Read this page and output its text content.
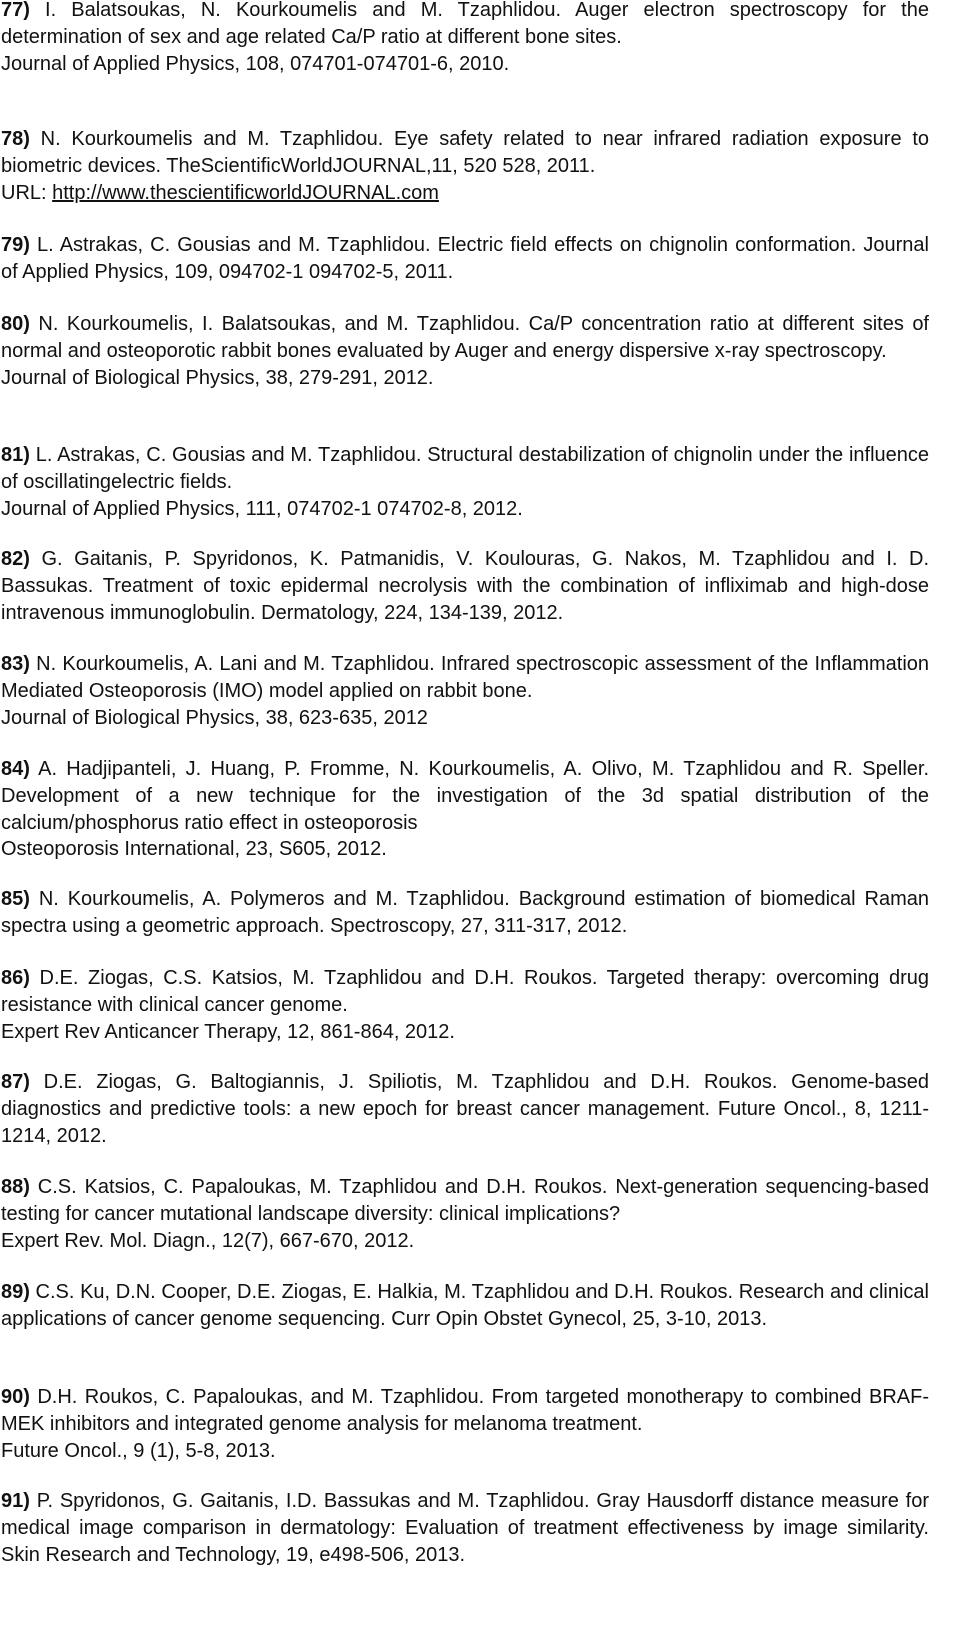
77) I. Balatsoukas, N. Kourkoumelis and M. Tzaphlidou. Auger electron spectroscopy for the determination of sex and age related Ca/P ratio at different bone sites.
Journal of Applied Physics, 108, 074701-074701-6, 2010.
78) N. Kourkoumelis and M. Tzaphlidou. Eye safety related to near infrared radiation exposure to biometric devices. TheScientificWorldJOURNAL,11, 520 528, 2011.
URL: http://www.thescientificworldJOURNAL.com
79) L. Astrakas, C. Gousias and M. Tzaphlidou. Electric field effects on chignolin conformation. Journal of Applied Physics, 109, 094702-1 094702-5, 2011.
80) N. Kourkoumelis, I. Balatsoukas, and M. Tzaphlidou. Ca/P concentration ratio at different sites of normal and osteoporotic rabbit bones evaluated by Auger and energy dispersive x-ray spectroscopy.
Journal of Biological Physics, 38, 279-291, 2012.
81) L. Astrakas, C. Gousias and M. Tzaphlidou. Structural destabilization of chignolin under the influence of oscillatingelectric fields.
Journal of Applied Physics, 111, 074702-1 074702-8, 2012.
82) G. Gaitanis, P. Spyridonos, K. Patmanidis, V. Koulouras, G. Nakos, M. Tzaphlidou and I. D. Bassukas. Treatment of toxic epidermal necrolysis with the combination of infliximab and high-dose intravenous immunoglobulin. Dermatology, 224, 134-139, 2012.
83) N. Kourkoumelis, A. Lani and M. Tzaphlidou. Infrared spectroscopic assessment of the Inflammation Mediated Osteoporosis (IMO) model applied on rabbit bone.
Journal of Biological Physics, 38, 623-635, 2012
84) A. Hadjipanteli, J. Huang, P. Fromme, N. Kourkoumelis, A. Olivo, M. Tzaphlidou and R. Speller. Development of a new technique for the investigation of the 3d spatial distribution of the calcium/phosphorus ratio effect in osteoporosis
Osteoporosis International, 23, S605, 2012.
85) N. Kourkoumelis, A. Polymeros and M. Tzaphlidou. Background estimation of biomedical Raman spectra using a geometric approach. Spectroscopy, 27, 311-317, 2012.
86) D.E. Ziogas, C.S. Katsios, M. Tzaphlidou and D.H. Roukos. Targeted therapy: overcoming drug resistance with clinical cancer genome.
Expert Rev Anticancer Therapy, 12, 861-864, 2012.
87) D.E. Ziogas, G. Baltogiannis, J. Spiliotis, M. Tzaphlidou and D.H. Roukos. Genome-based diagnostics and predictive tools: a new epoch for breast cancer management. Future Oncol., 8, 1211-1214, 2012.
88) C.S. Katsios, C. Papaloukas, M. Tzaphlidou and D.H. Roukos. Next-generation sequencing-based testing for cancer mutational landscape diversity: clinical implications?
Expert Rev. Mol. Diagn., 12(7), 667-670, 2012.
89) C.S. Ku, D.N. Cooper, D.E. Ziogas, E. Halkia, M. Tzaphlidou and D.H. Roukos. Research and clinical applications of cancer genome sequencing. Curr Opin Obstet Gynecol, 25, 3-10, 2013.
90) D.H. Roukos, C. Papaloukas, and M. Tzaphlidou. From targeted monotherapy to combined BRAF-MEK inhibitors and integrated genome analysis for melanoma treatment.
Future Oncol., 9 (1), 5-8, 2013.
91) P. Spyridonos, G. Gaitanis, I.D. Bassukas and M. Tzaphlidou. Gray Hausdorff distance measure for medical image comparison in dermatology: Evaluation of treatment effectiveness by image similarity. Skin Research and Technology, 19, e498-506, 2013.
